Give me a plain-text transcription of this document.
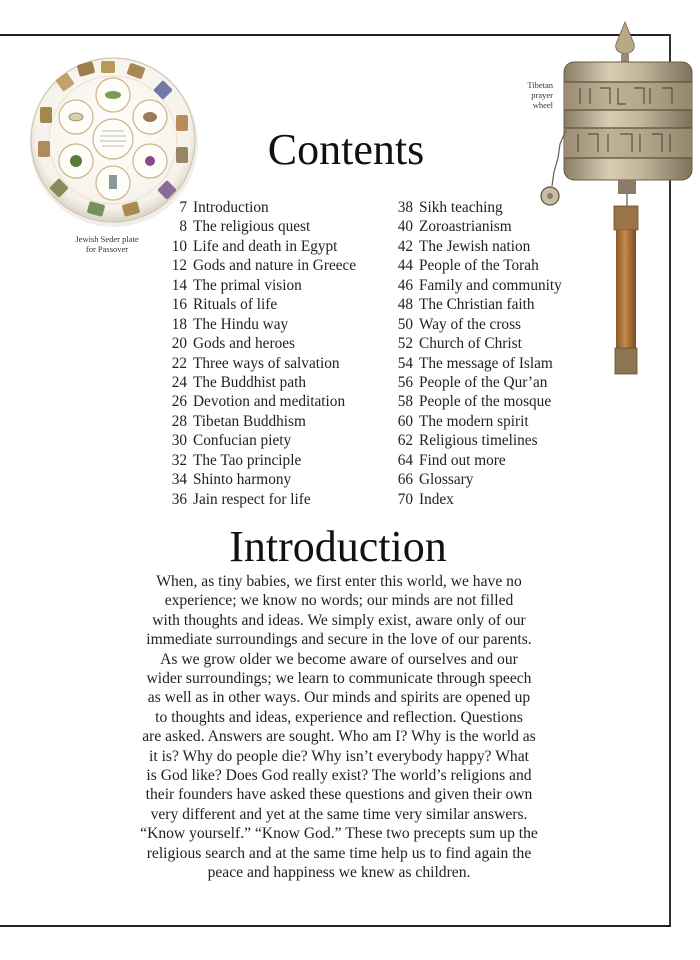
Jewish Seder plate
for Passover
Tibetan
prayer
wheel
Contents
7 Introduction
8 The religious quest
10 Life and death in Egypt
12 Gods and nature in Greece
14 The primal vision
16 Rituals of life
18 The Hindu way
20 Gods and heroes
22 Three ways of salvation
24 The Buddhist path
26 Devotion and meditation
28 Tibetan Buddhism
30 Confucian piety
32 The Tao principle
34 Shinto harmony
36 Jain respect for life
38 Sikh teaching
40 Zoroastrianism
42 The Jewish nation
44 People of the Torah
46 Family and community
48 The Christian faith
50 Way of the cross
52 Church of Christ
54 The message of Islam
56 People of the Qur’an
58 People of the mosque
60 The modern spirit
62 Religious timelines
64 Find out more
66 Glossary
70 Index
Introduction
When, as tiny babies, we first enter this world, we have no
experience; we know no words; our minds are not filled
with thoughts and ideas. We simply exist, aware only of our
immediate surroundings and secure in the love of our parents.
As we grow older we become aware of ourselves and our
wider surroundings; we learn to communicate through speech
as well as in other ways. Our minds and spirits are opened up
to thoughts and ideas, experience and reflection. Questions
are asked. Answers are sought. Who am I? Why is the world as
it is? Why do people die? Why isn’t everybody happy? What
is God like? Does God really exist? The world’s religions and
their founders have asked these questions and given their own
very different and yet at the same time very similar answers.
“Know yourself.” “Know God.” These two precepts sum up the
religious search and at the same time help us to find again the
peace and happiness we knew as children.
